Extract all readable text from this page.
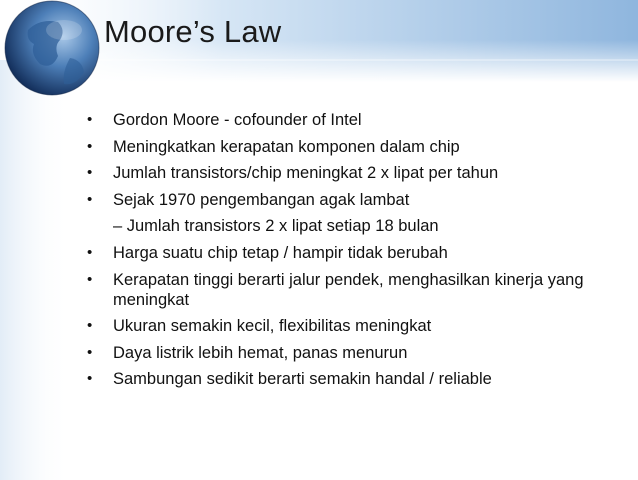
Moore’s Law
• Gordon Moore - cofounder of Intel
• Meningkatkan kerapatan komponen dalam chip
• Jumlah transistors/chip meningkat 2 x lipat per tahun
• Sejak 1970 pengembangan agak lambat
– Jumlah transistors 2 x lipat setiap 18 bulan
• Harga suatu chip tetap / hampir tidak berubah
• Kerapatan tinggi berarti jalur pendek, menghasilkan kinerja yang meningkat
• Ukuran semakin kecil, flexibilitas meningkat
• Daya listrik lebih hemat, panas menurun
• Sambungan sedikit berarti semakin handal / reliable
